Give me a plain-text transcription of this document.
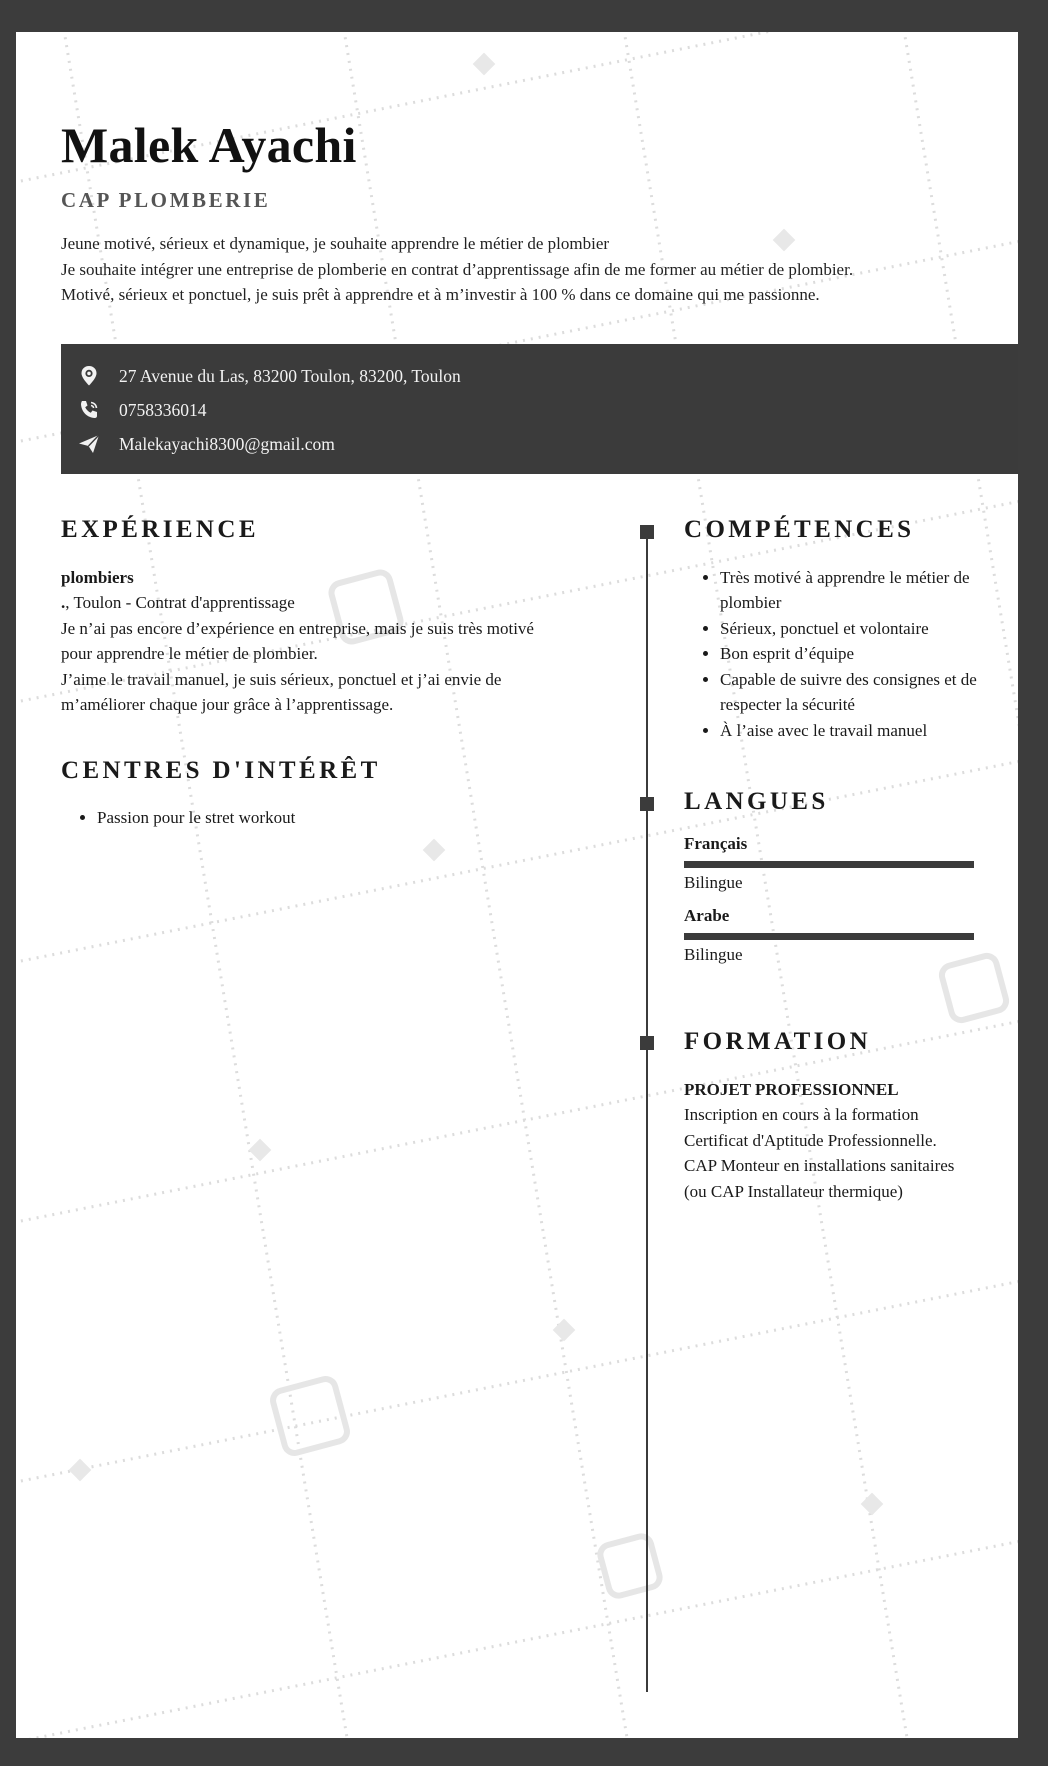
Malek Ayachi
CAP PLOMBERIE
Jeune motivé, sérieux et dynamique, je souhaite apprendre le métier de plombier
Je souhaite intégrer une entreprise de plomberie en contrat d’apprentissage afin de me former au métier de plombier.
Motivé, sérieux et ponctuel, je suis prêt à apprendre et à m’investir à 100 % dans ce domaine qui me passionne.
27 Avenue du Las, 83200 Toulon, 83200, Toulon
0758336014
Malekayachi8300@gmail.com
EXPÉRIENCE
plombiers
., Toulon - Contrat d'apprentissage
Je n’ai pas encore d’expérience en entreprise, mais je suis très motivé
pour apprendre le métier de plombier.
J’aime le travail manuel, je suis sérieux, ponctuel et j’ai envie de
m’améliorer chaque jour grâce à l’apprentissage.
CENTRES D'INTÉRÊT
• Passion pour le stret workout
COMPÉTENCES
• Très motivé à apprendre le métier de plombier
• Sérieux, ponctuel et volontaire
• Bon esprit d’équipe
• Capable de suivre des consignes et de respecter la sécurité
• À l’aise avec le travail manuel
LANGUES
Français
Bilingue
Arabe
Bilingue
FORMATION
PROJET PROFESSIONNEL
Inscription en cours à la formation
Certificat d'Aptitude Professionnelle.
CAP Monteur en installations sanitaires
(ou CAP Installateur thermique)
